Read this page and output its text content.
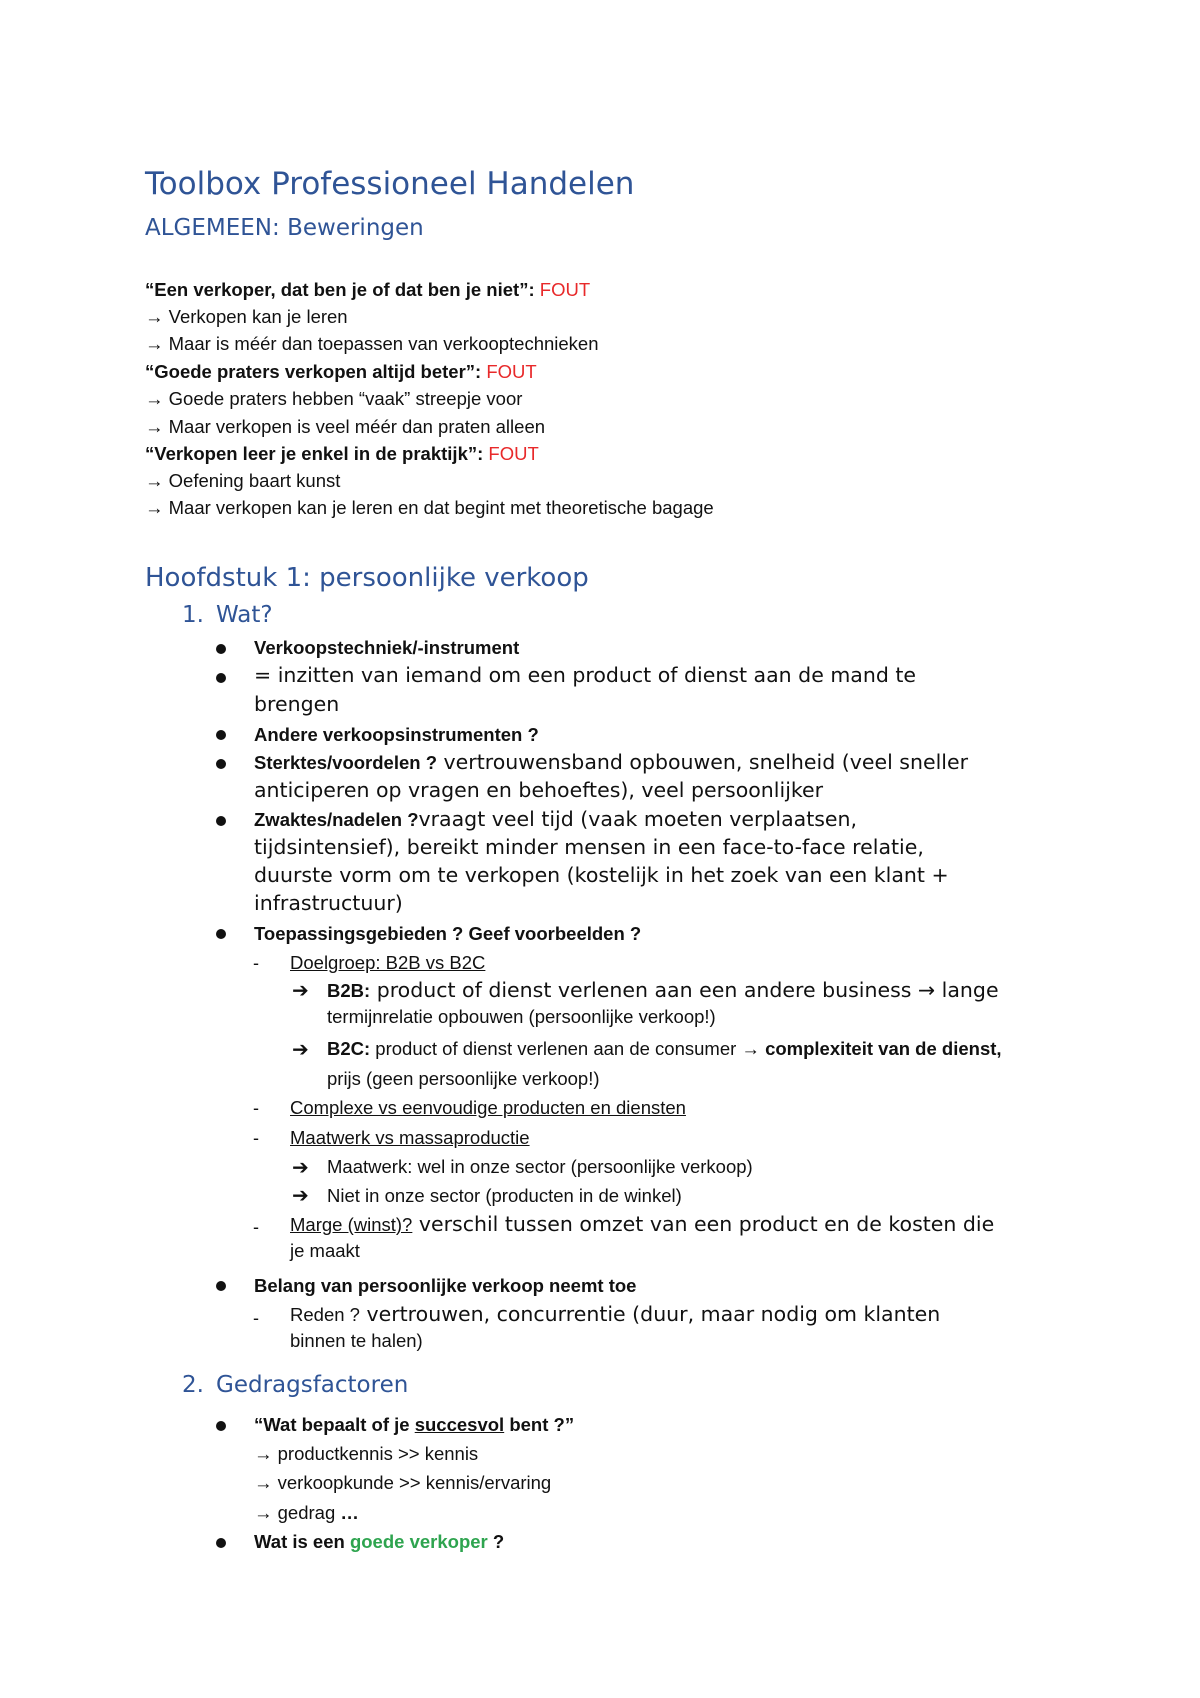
Toolbox Professioneel Handelen
ALGEMEEN: Beweringen
“Een verkoper, dat ben je of dat ben je niet”: FOUT
→ Verkopen kan je leren
→ Maar is méér dan toepassen van verkooptechnieken
“Goede praters verkopen altijd beter”: FOUT
→ Goede praters hebben “vaak” streepje voor
→ Maar verkopen is veel méér dan praten alleen
“Verkopen leer je enkel in de praktijk”: FOUT
→ Oefening baart kunst
→ Maar verkopen kan je leren en dat begint met theoretische bagage
Hoofdstuk 1: persoonlijke verkoop
1. Wat?
Verkoopstechniek/-instrument
= inzitten van iemand om een product of dienst aan de mand te
brengen
Andere verkoopsinstrumenten ?
Sterktes/voordelen ? vertrouwensband opbouwen, snelheid (veel sneller
anticiperen op vragen en behoeftes), veel persoonlijker
Zwaktes/nadelen ?vraagt veel tijd (vaak moeten verplaatsen,
tijdsintensief), bereikt minder mensen in een face-to-face relatie,
duurste vorm om te verkopen (kostelijk in het zoek van een klant +
infrastructuur)
Toepassingsgebieden ? Geef voorbeelden ?
- Doelgroep: B2B vs B2C
➔ B2B: product of dienst verlenen aan een andere business → lange
termijnrelatie opbouwen (persoonlijke verkoop!)
➔ B2C: product of dienst verlenen aan de consumer → complexiteit van de dienst,
prijs (geen persoonlijke verkoop!)
- Complexe vs eenvoudige producten en diensten
- Maatwerk vs massaproductie
➔ Maatwerk: wel in onze sector (persoonlijke verkoop)
➔ Niet in onze sector (producten in de winkel)
- Marge (winst)? verschil tussen omzet van een product en de kosten die
je maakt
Belang van persoonlijke verkoop neemt toe
- Reden ? vertrouwen, concurrentie (duur, maar nodig om klanten
binnen te halen)
2. Gedragsfactoren
“Wat bepaalt of je succesvol bent ?”
→ productkennis >> kennis
→ verkoopkunde >> kennis/ervaring
→ gedrag …
Wat is een goede verkoper ?
